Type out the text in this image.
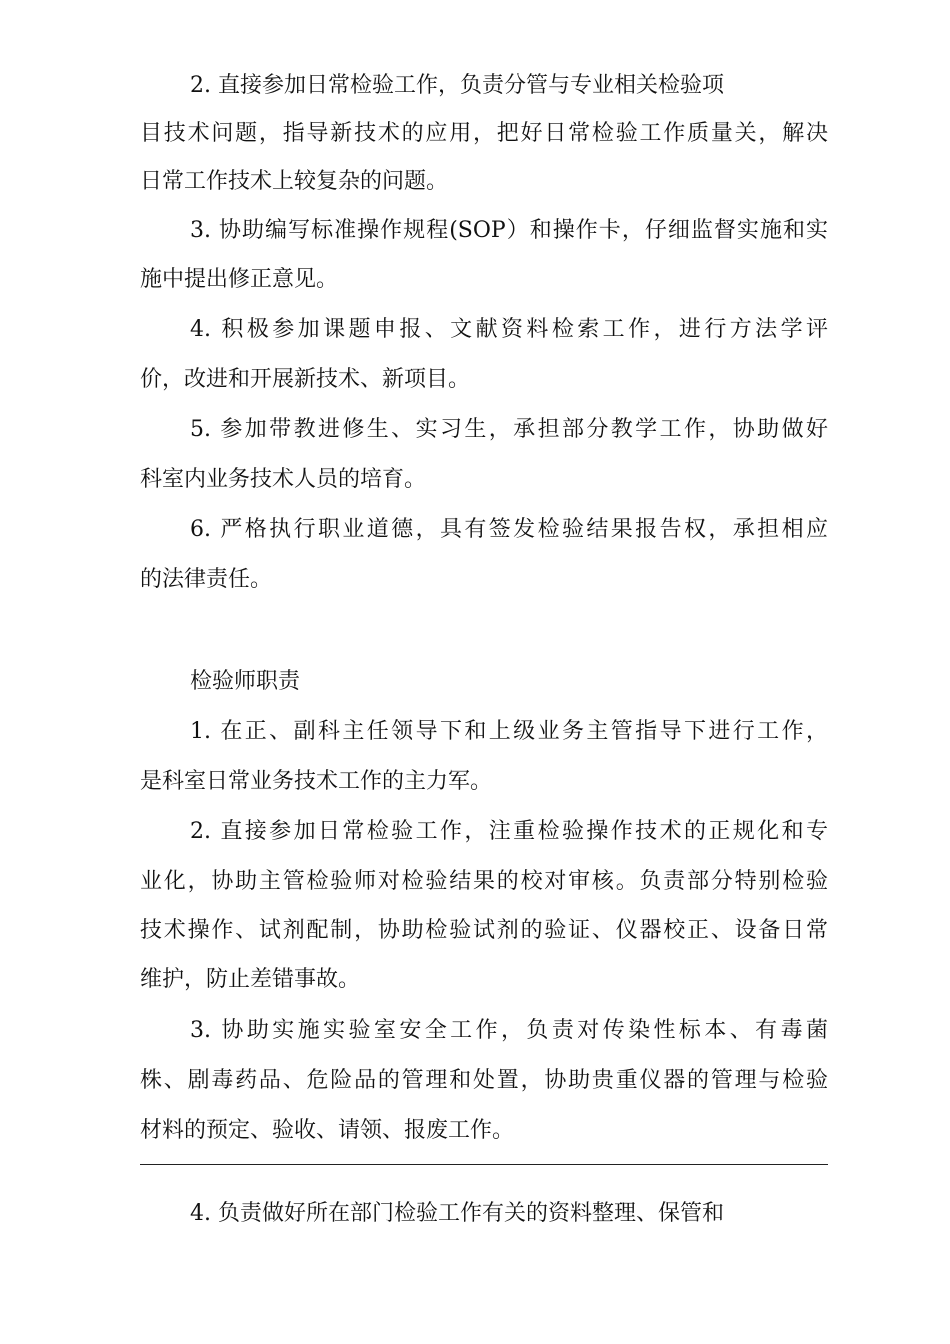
2. 直接参加日常检验工作，负责分管与专业相关检验项
目技术问题，指导新技术的应用，把好日常检验工作质量关，解决
日常工作技术上较复杂的问题。
3. 协助编写标准操作规程(SOP）和操作卡，仔细监督实施和实
施中提出修正意见。
4. 积极参加课题申报、文献资料检索工作，进行方法学评
价，改进和开展新技术、新项目。
5. 参加带教进修生、实习生，承担部分教学工作，协助做好
科室内业务技术人员的培育。
6. 严格执行职业道德，具有签发检验结果报告权，承担相应
的法律责任。
检验师职责
1. 在正、副科主任领导下和上级业务主管指导下进行工作，
是科室日常业务技术工作的主力军。
2. 直接参加日常检验工作，注重检验操作技术的正规化和专
业化，协助主管检验师对检验结果的校对审核。负责部分特别检验
技术操作、试剂配制，协助检验试剂的验证、仪器校正、设备日常
维护，防止差错事故。
3. 协助实施实验室安全工作，负责对传染性标本、有毒菌
株、剧毒药品、危险品的管理和处置，协助贵重仪器的管理与检验
材料的预定、验收、请领、报废工作。
4. 负责做好所在部门检验工作有关的资料整理、保管和
